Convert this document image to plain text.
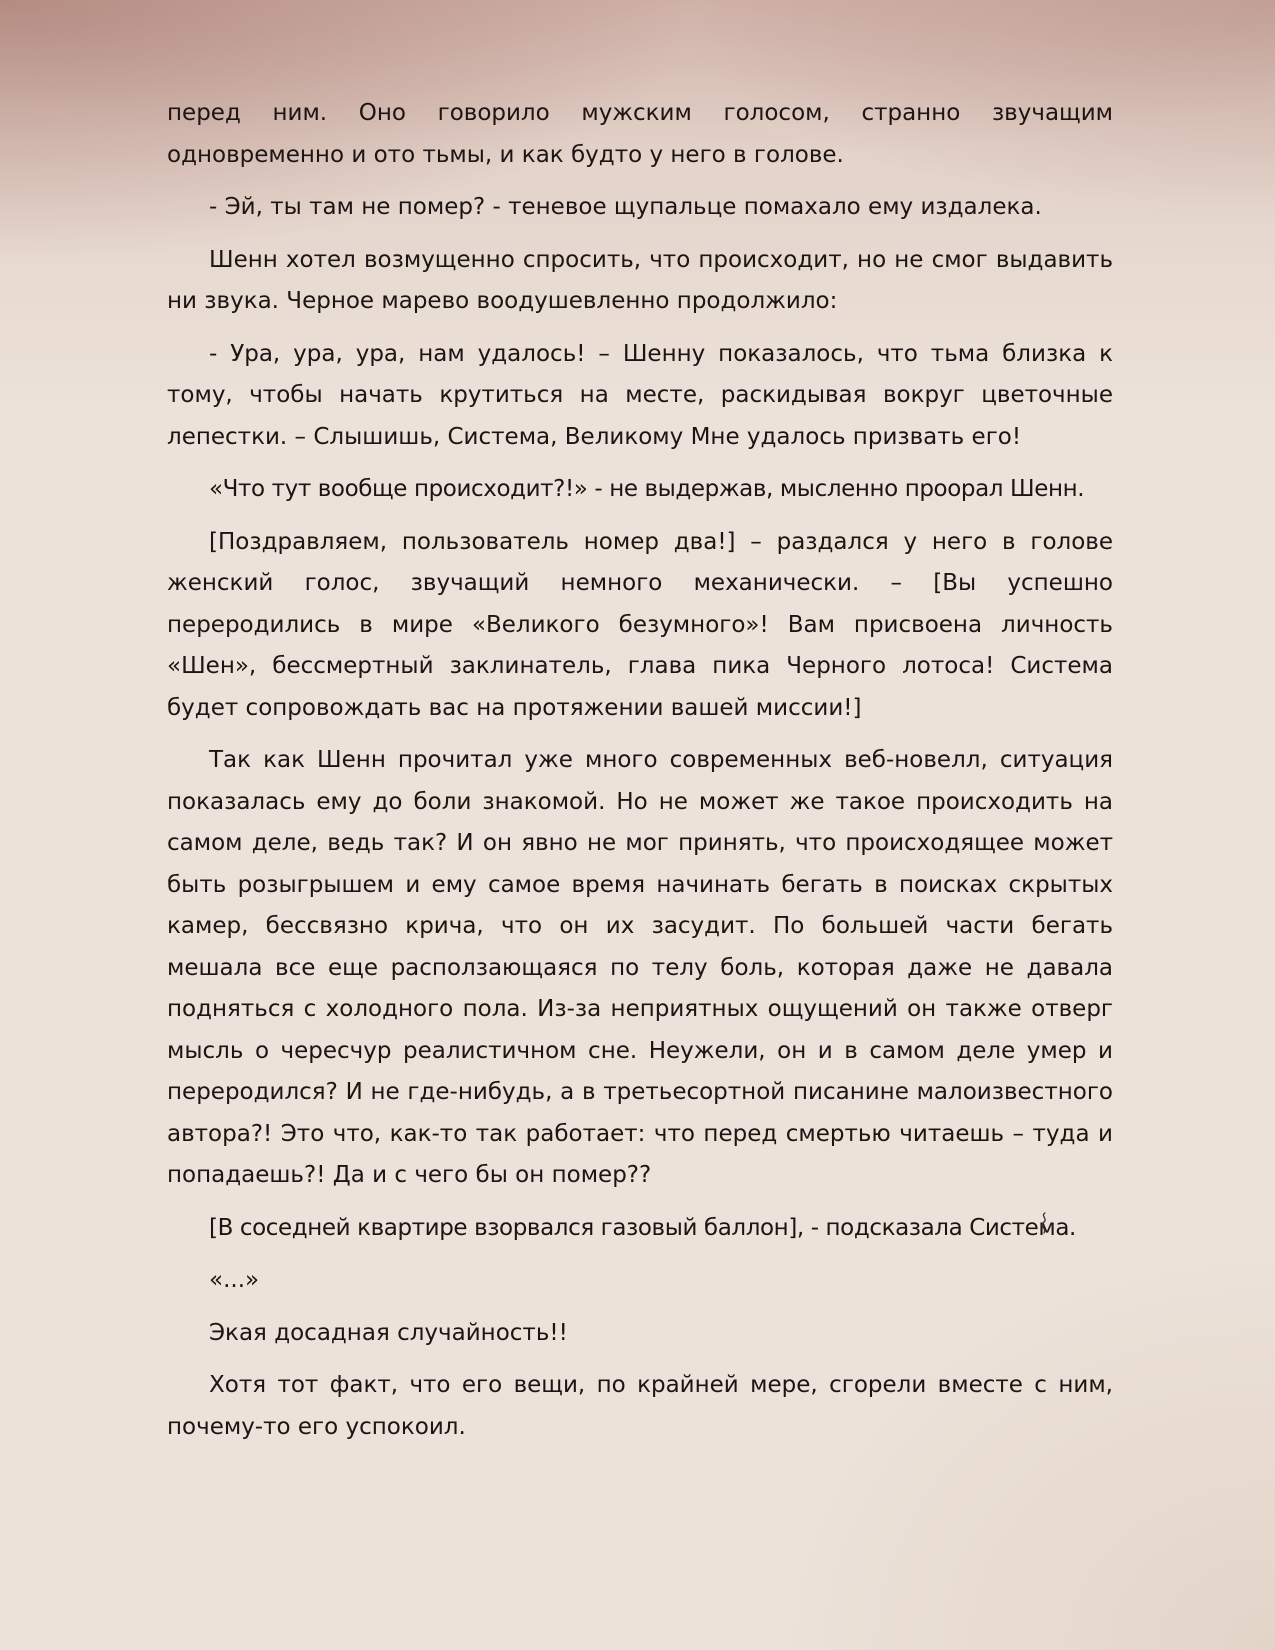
перед ним. Оно говорило мужским голосом, странно звучащим одновременно и ото тьмы, и как будто у него в голове.

- Эй, ты там не помер? - теневое щупальце помахало ему издалека.

Шенн хотел возмущенно спросить, что происходит, но не смог выдавить ни звука. Черное марево воодушевленно продолжило:

- Ура, ура, ура, нам удалось! – Шенну показалось, что тьма близка к тому, чтобы начать крутиться на месте, раскидывая вокруг цветочные лепестки. – Слышишь, Система, Великому Мне удалось призвать его!

«Что тут вообще происходит?!» - не выдержав, мысленно проорал Шенн.

[Поздравляем, пользователь номер два!] – раздался у него в голове женский голос, звучащий немного механически. – [Вы успешно переродились в мире «Великого безумного»! Вам присвоена личность «Шен», бессмертный заклинатель, глава пика Черного лотоса! Система будет сопровождать вас на протяжении вашей миссии!]

Так как Шенн прочитал уже много современных веб-новелл, ситуация показалась ему до боли знакомой. Но не может же такое происходить на самом деле, ведь так? И он явно не мог принять, что происходящее может быть розыгрышем и ему самое время начинать бегать в поисках скрытых камер, бессвязно крича, что он их засудит. По большей части бегать мешала все еще расползающаяся по телу боль, которая даже не давала подняться с холодного пола. Из-за неприятных ощущений он также отверг мысль о чересчур реалистичном сне. Неужели, он и в самом деле умер и переродился? И не где-нибудь, а в третьесортной писанине малоизвестного автора?! Это что, как-то так работает: что перед смертью читаешь – туда и попадаешь?! Да и с чего бы он помер??

[В соседней квартире взорвался газовый баллон], - подсказала Система.

«...»

Экая досадная случайность!!

Хотя тот факт, что его вещи, по крайней мере, сгорели вместе с ним, почему-то его успокоил.
